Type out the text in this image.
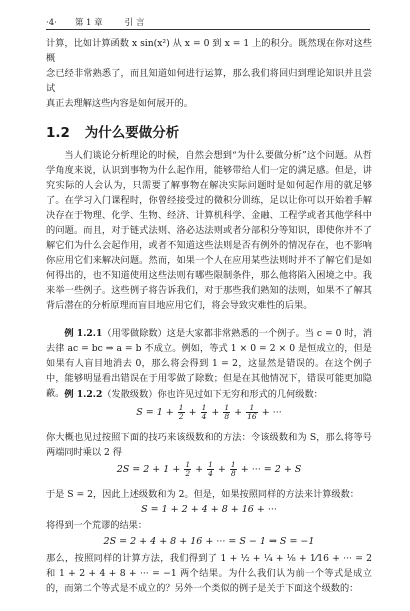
·4· 第 1 章	引 言
计算，比如计算函数 x sin(x²) 从 x = 0 到 x = 1 上的积分。既然现在你对这些概
念已经非常熟悉了，而且知道如何进行运算，那么我们将回归到理论知识并且尝试
真正去理解这些内容是如何展开的。
1.2 为什么要做分析
当人们谈论分析理论的时候，自然会想到“为什么要做分析”这个问题。从哲学角度来说，认识到事物为什么起作用，能够带给人们一定的满足感。但是，讲究实际的人会认为，只需要了解事物在解决实际问题时是如何起作用的就足够了。在学习入门课程时，你曾经接受过的微积分训练，足以让你可以开始着手解决存在于物理、化学、生物、经济、计算机科学、金融、工程学或者其他学科中的问题。而且，对于链式法则、洛必达法则或者分部积分等知识，即使你并不了解它们为什么会起作用，或者不知道这些法则是否有例外的情况存在，也不影响你应用它们来解决问题。然而，如果一个人在应用某些法则时并不了解它们是如何得出的，也不知道使用这些法则有哪些限制条件，那么他将陷入困境之中。我来举一些例子。这些例子将告诉我们，对于那些我们熟知的法则，如果不了解其背后潜在的分析原理而盲目地应用它们，将会导致灾难性的后果。
例 1.2.1（用零做除数）这是大家都非常熟悉的一个例子。当 c = 0 时，消去律 ac = bc ⇒ a = b 不成立。例如，等式 1 × 0 = 2 × 0 是恒成立的，但是如果有人盲目地消去 0，那么将会得到 1 = 2，这显然是错误的。在这个例子中，能够明显看出错误在于用零做了除数；但是在其他情况下，错误可能更加隐蔽。 例 1.2.2（发散级数）你也许见过如下无穷和形式的几何级数：
$S = 1 + \frac{1}{2} + \frac{1}{4} + \frac{1}{8} + \frac{1}{16}$ + ···
你大概也见过按照下面的技巧来该级数和的方法：令该级数和为 S，那么将等号两端同时乘以 2 得
$2S = 2 + 1 + \frac{1}{2} + \frac{1}{4} + \frac{1}{8}$ + ··· = 2 + S
于是 S = 2，因此上述级数和为 2。但是，如果按照同样的方法来计算级数：
S = 1 + 2 + 4 + 8 + 16 + ···
将得到一个荒谬的结果：
2S = 2 + 4 + 8 + 16 + ··· = S − 1 ⇒ S = −1
那么，按照同样的计算方法，我们得到了 1 + ½ + ¼ + ⅛ + 1⁄16 + ··· = 2 和 1 + 2 + 4 + 8 + ··· = −1 两个结果。为什么我们认为前一个等式是成立的，而第二个等式是不成立的？另外一个类似的例子是关于下面这个级数的：
